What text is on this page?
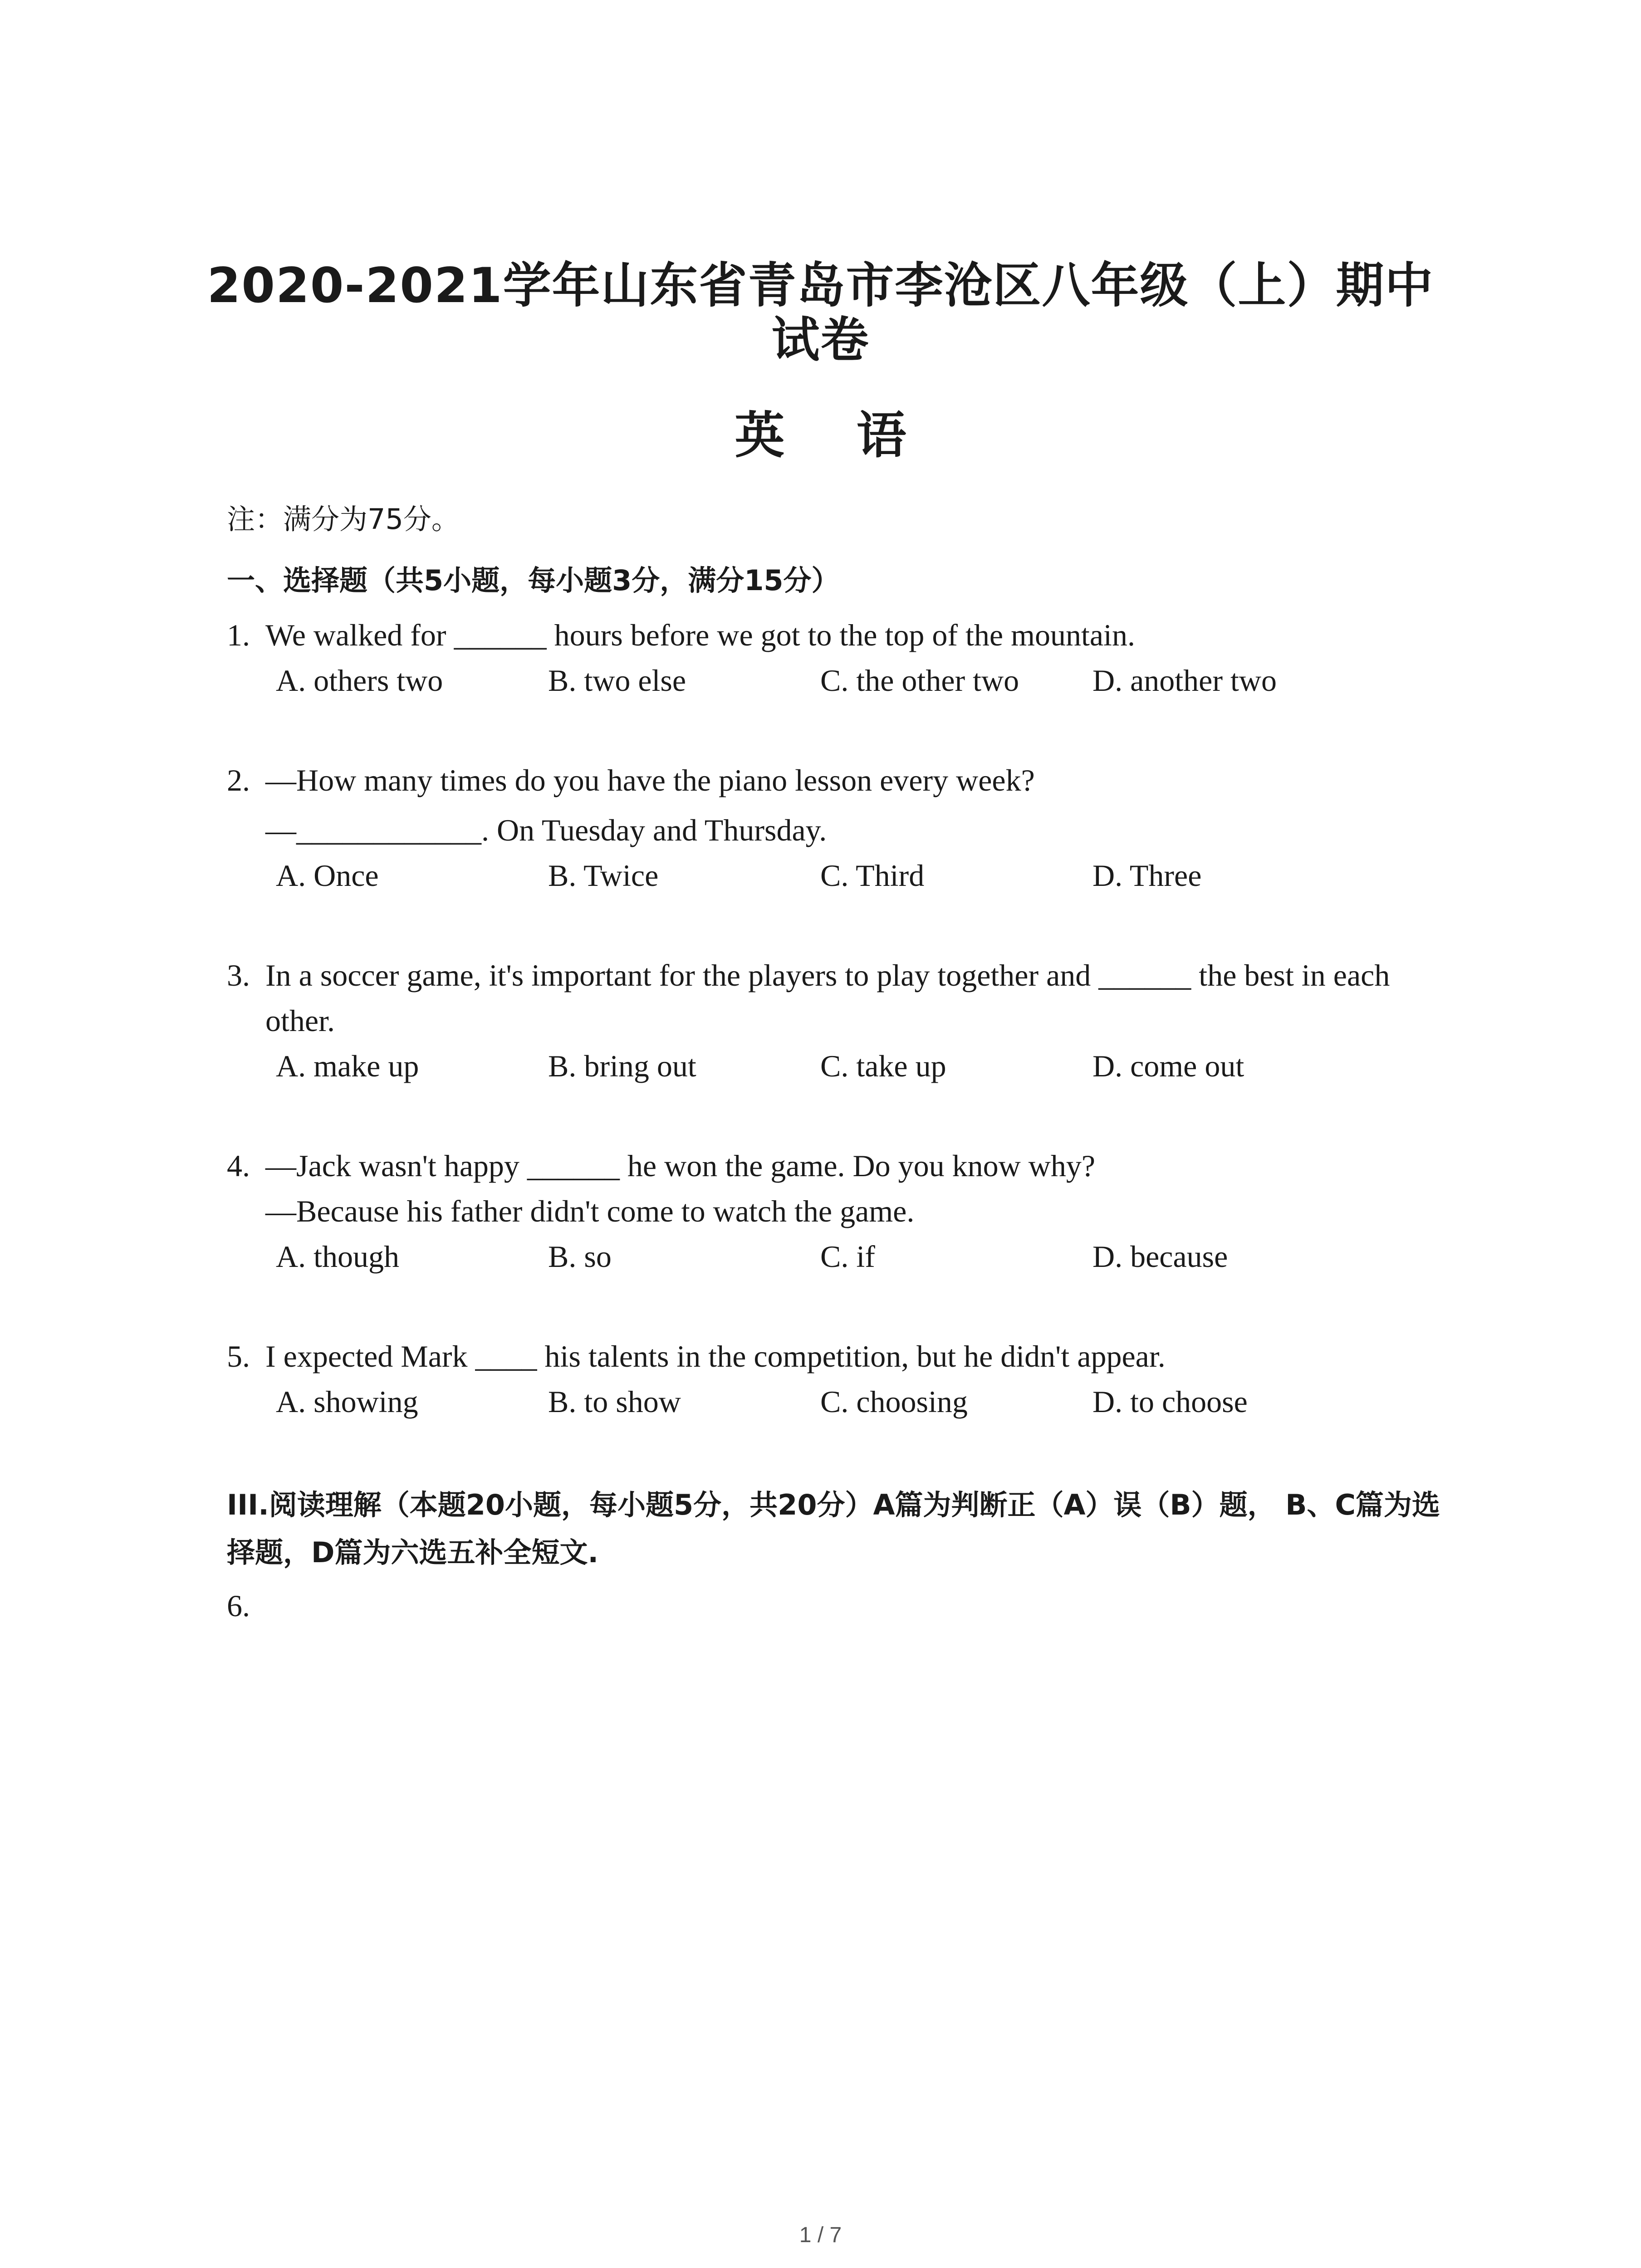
2020-2021学年山东省青岛市李沧区八年级（上）期中
试卷
英 语
注：满分为75分。
一、选择题（共5小题，每小题3分，满分15分）
1. We walked for ______ hours before we got to the top of the mountain.
A. others two	B. two else	C. the other two D. another two
2. —How many times do you have the piano lesson every week?
—____________. On Tuesday and Thursday.
A. Once	B. Twice	C. Third	D. Three
3. In a soccer game, it's important for the players to play together and ______ the best in each
other.
A. make up	B. bring out	C. take up	D. come out
4. —Jack wasn't happy ______ he won the game. Do you know why?
—Because his father didn't come to watch the game.
A. though	B. so	C. if	D. because
5. I expected Mark ____ his talents in the competition, but he didn't appear.
A. showing	B. to show	C. choosing	D. to choose
III.阅读理解（本题20小题，每小题5分，共20分）A篇为判断正（A）误（B）题， B、C篇为选择题，D篇为六选五补全短文.
6.
1 / 7
